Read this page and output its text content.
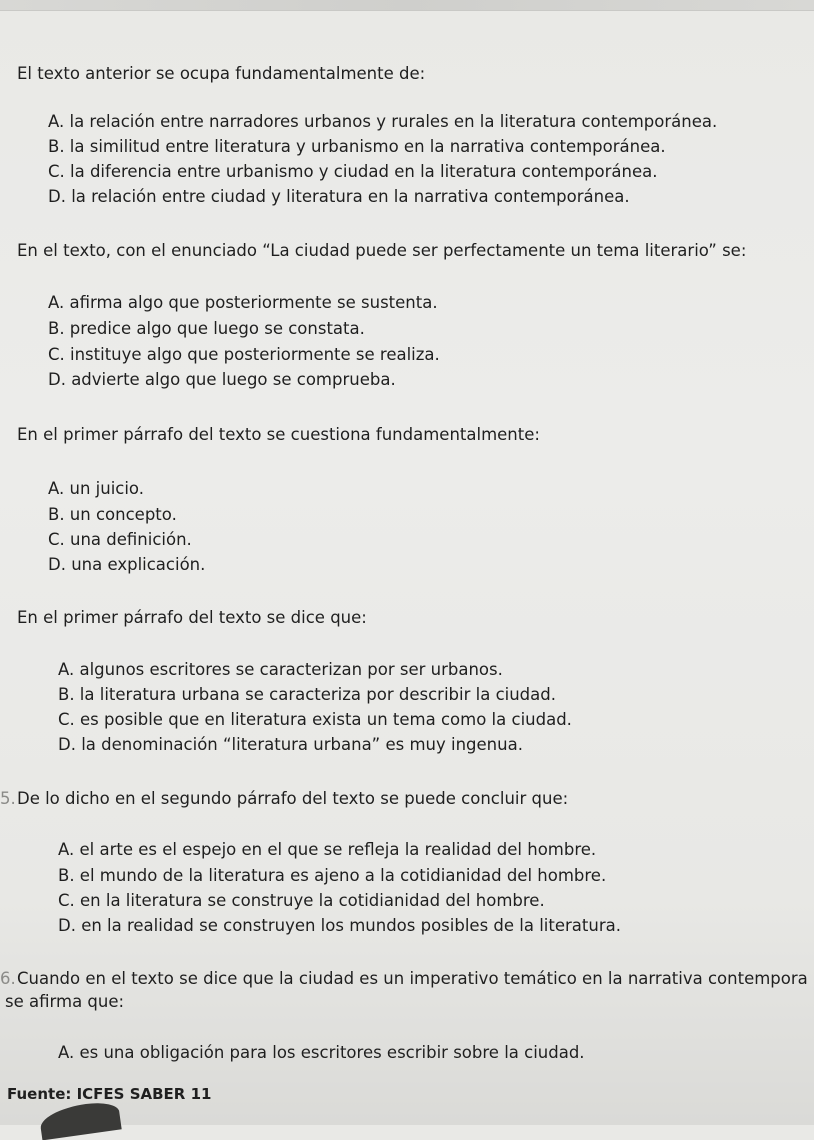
El texto anterior se ocupa fundamentalmente de:
A. la relación entre narradores urbanos y rurales en la literatura contemporánea.
B. la similitud entre literatura y urbanismo en la narrativa contemporánea.
C. la diferencia entre urbanismo y ciudad en la literatura contemporánea.
D. la relación entre ciudad y literatura en la narrativa contemporánea.
En el texto, con el enunciado “La ciudad puede ser perfectamente un tema literario” se:
A. afirma algo que posteriormente se sustenta.
B. predice algo que luego se constata.
C. instituye algo que posteriormente se realiza.
D. advierte algo que luego se comprueba.
En el primer párrafo del texto se cuestiona fundamentalmente:
A. un juicio.
B. un concepto.
C. una definición.
D. una explicación.
En el primer párrafo del texto se dice que:
A. algunos escritores se caracterizan por ser urbanos.
B. la literatura urbana se caracteriza por describir la ciudad.
C. es posible que en literatura exista un tema como la ciudad.
D. la denominación “literatura urbana” es muy ingenua.
5.De lo dicho en el segundo párrafo del texto se puede concluir que:
A. el arte es el espejo en el que se refleja la realidad del hombre.
B. el mundo de la literatura es ajeno a la cotidianidad del hombre.
C. en la literatura se construye la cotidianidad del hombre.
D. en la realidad se construyen los mundos posibles de la literatura.
6.Cuando en el texto se dice que la ciudad es un imperativo temático en la narrativa contempora
se afirma que:
A. es una obligación para los escritores escribir sobre la ciudad.
Fuente: ICFES SABER 11
